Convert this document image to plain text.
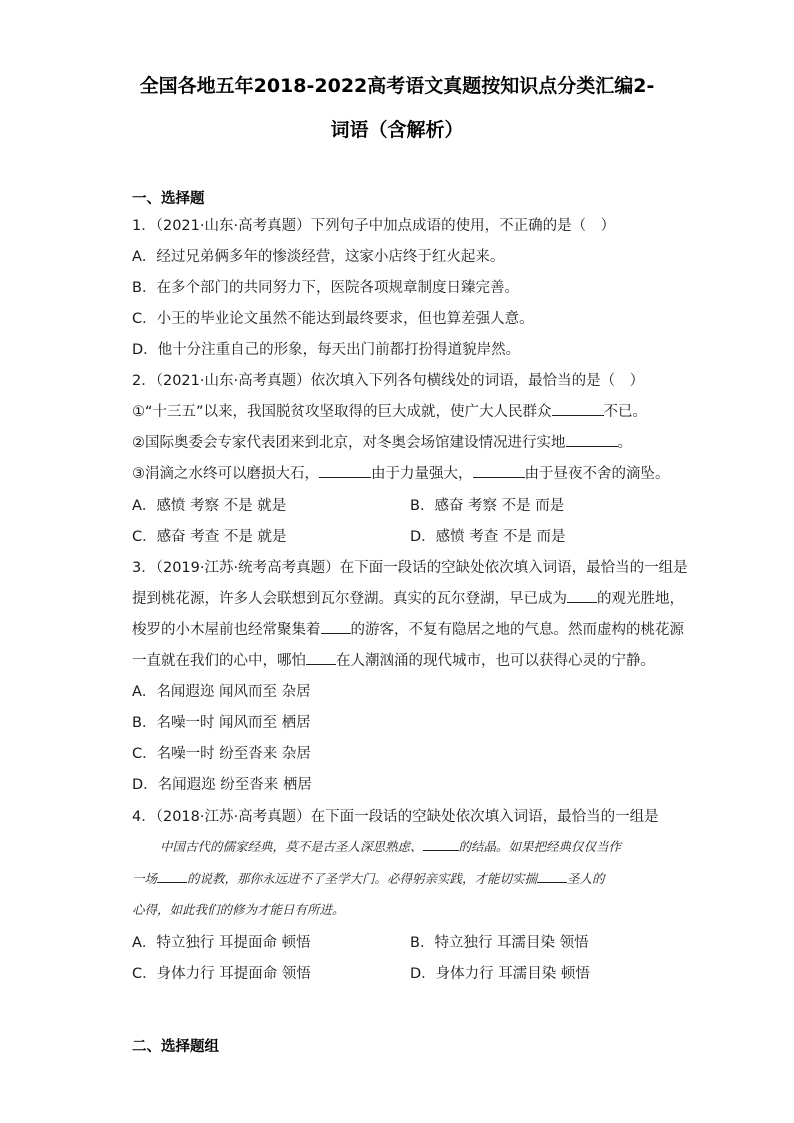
全国各地五年2018-2022高考语文真题按知识点分类汇编2-
词语（含解析）
一、选择题
1．（2021·山东·高考真题）下列句子中加点成语的使用，不正确的是（　）
A．经过兄弟俩多年的惨淡经营，这家小店终于红火起来。
B．在多个部门的共同努力下，医院各项规章制度日臻完善。
C．小王的毕业论文虽然不能达到最终要求，但也算差强人意。
D．他十分注重自己的形象，每天出门前都打扮得道貌岸然。
2．（2021·山东·高考真题）依次填入下列各句横线处的词语，最恰当的是（　）
①“十三五”以来，我国脱贫攻坚取得的巨大成就，使广大人民群众	不已。
②国际奥委会专家代表团来到北京，对冬奥会场馆建设情况进行实地	。
③涓滴之水终可以磨损大石，	由于力量强大，	由于昼夜不舍的滴坠。
A．感愤 考察 不是 就是	B．感奋 考察 不是 而是
C．感奋 考查 不是 就是	D．感愤 考查 不是 而是
3．（2019·江苏·统考高考真题）在下面一段话的空缺处依次填入词语，最恰当的一组是
提到桃花源，许多人会联想到瓦尔登湖。真实的瓦尔登湖，早已成为 的观光胜地，
梭罗的小木屋前也经常聚集着 的游客，不复有隐居之地的气息。然而虚构的桃花源
一直就在我们的心中，哪怕 在人潮汹涌的现代城市，也可以获得心灵的宁静。
A．名闻遐迩 闻风而至 杂居
B．名噪一时 闻风而至 栖居
C．名噪一时 纷至沓来 杂居
D．名闻遐迩 纷至沓来 栖居
4．（2018·江苏·高考真题）在下面一段话的空缺处依次填入词语，最恰当的一组是
中国古代的儒家经典，莫不是古圣人深思熟虑、	的结晶。如果把经典仅仅当作
一场 的说教，那你永远进不了圣学大门。必得躬亲实践，才能切实揣 圣人的
心得，如此我们的修为才能日有所进。
A．特立独行 耳提面命 顿悟	B．特立独行 耳濡目染 领悟
C．身体力行 耳提面命 领悟	D．身体力行 耳濡目染 顿悟
二、选择题组
